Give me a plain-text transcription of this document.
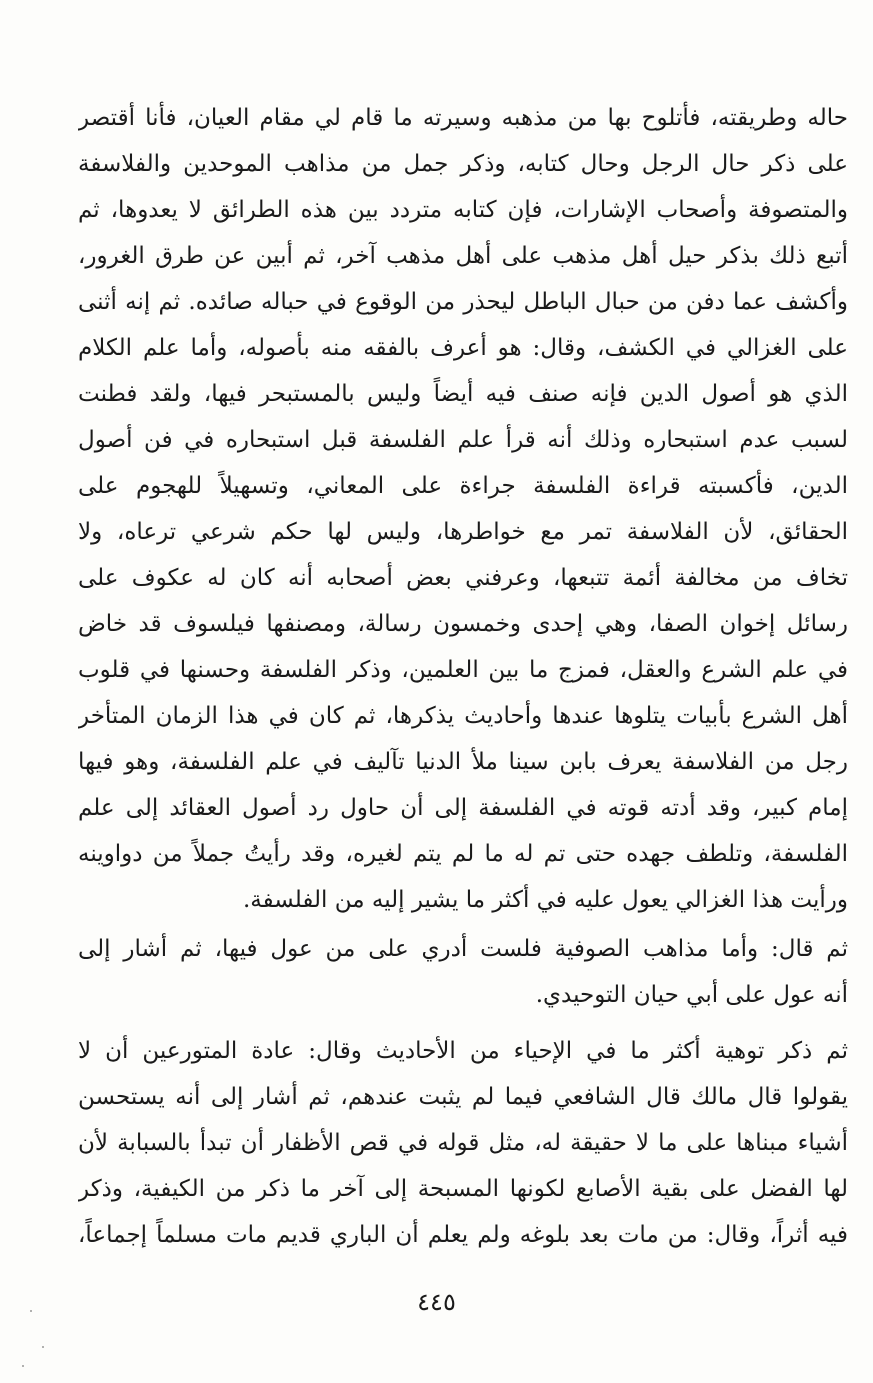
حاله وطريقته، فأتلوح بها من مذهبه وسيرته ما قام لي مقام العيان، فأنا أقتصر
على ذكر حال الرجل وحال كتابه، وذكر جمل من مذاهب الموحدين والفلاسفة
والمتصوفة وأصحاب الإشارات، فإن كتابه متردد بين هذه الطرائق لا يعدوها، ثم
أتبع ذلك بذكر حيل أهل مذهب على أهل مذهب آخر، ثم أبين عن طرق الغرور،
وأكشف عما دفن من حبال الباطل ليحذر من الوقوع في حباله صائده. ثم إنه أثنى
على الغزالي في الكشف، وقال: هو أعرف بالفقه منه بأصوله، وأما علم الكلام
الذي هو أصول الدين فإنه صنف فيه أيضاً وليس بالمستبحر فيها، ولقد فطنت
لسبب عدم استبحاره وذلك أنه قرأ علم الفلسفة قبل استبحاره في فن أصول
الدين، فأكسبته قراءة الفلسفة جراءة على المعاني، وتسهيلاً للهجوم على
الحقائق، لأن الفلاسفة تمر مع خواطرها، وليس لها حكم شرعي ترعاه، ولا
تخاف من مخالفة أئمة تتبعها، وعرفني بعض أصحابه أنه كان له عكوف على
رسائل إخوان الصفا، وهي إحدى وخمسون رسالة، ومصنفها فيلسوف قد خاض
في علم الشرع والعقل، فمزج ما بين العلمين، وذكر الفلسفة وحسنها في قلوب
أهل الشرع بأبيات يتلوها عندها وأحاديث يذكرها، ثم كان في هذا الزمان المتأخر
رجل من الفلاسفة يعرف بابن سينا ملأ الدنيا تآليف في علم الفلسفة، وهو فيها
إمام كبير، وقد أدته قوته في الفلسفة إلى أن حاول رد أصول العقائد إلى علم
الفلسفة، وتلطف جهده حتى تم له ما لم يتم لغيره، وقد رأيتُ جملاً من دواوينه
ورأيت هذا الغزالي يعول عليه في أكثر ما يشير إليه من الفلسفة.
ثم قال: وأما مذاهب الصوفية فلست أدري على من عول فيها، ثم أشار إلى
أنه عول على أبي حيان التوحيدي.
ثم ذكر توهية أكثر ما في الإحياء من الأحاديث وقال: عادة المتورعين أن لا
يقولوا قال مالك قال الشافعي فيما لم يثبت عندهم، ثم أشار إلى أنه يستحسن
أشياء مبناها على ما لا حقيقة له، مثل قوله في قص الأظفار أن تبدأ بالسبابة لأن
لها الفضل على بقية الأصابع لكونها المسبحة إلى آخر ما ذكر من الكيفية، وذكر
فيه أثراً، وقال: من مات بعد بلوغه ولم يعلم أن الباري قديم مات مسلماً إجماعاً،
٤٤٥
